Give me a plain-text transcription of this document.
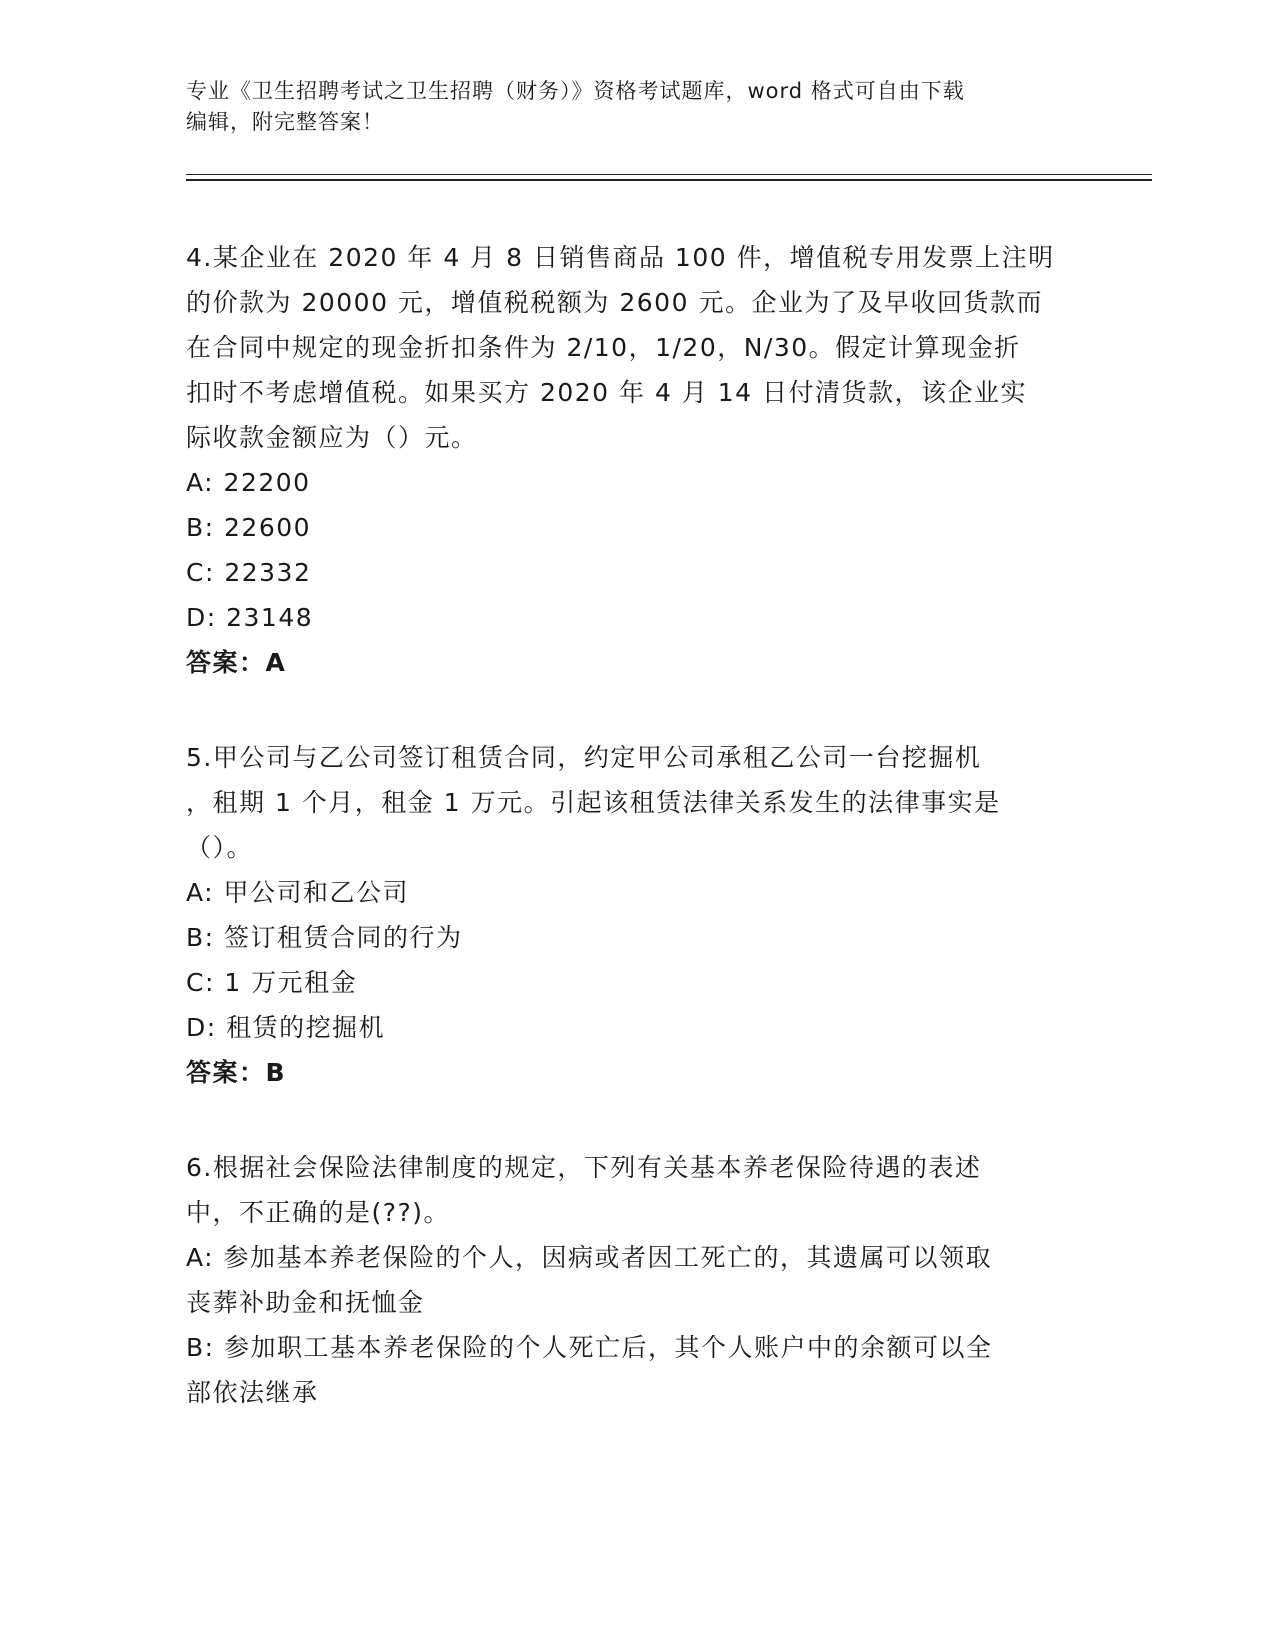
专业《卫生招聘考试之卫生招聘（财务）》资格考试题库，word 格式可自由下载
编辑，附完整答案！
4.某企业在 2020 年 4 月 8 日销售商品 100 件，增值税专用发票上注明
的价款为 20000 元，增值税税额为 2600 元。企业为了及早收回货款而
在合同中规定的现金折扣条件为 2/10，1/20，N/30。假定计算现金折
扣时不考虑增值税。如果买方 2020 年 4 月 14 日付清货款，该企业实
际收款金额应为（）元。
A: 22200
B: 22600
C: 22332
D: 23148
答案：A
5.甲公司与乙公司签订租赁合同，约定甲公司承租乙公司一台挖掘机
，租期 1 个月，租金 1 万元。引起该租赁法律关系发生的法律事实是
（）。
A: 甲公司和乙公司
B: 签订租赁合同的行为
C: 1 万元租金
D: 租赁的挖掘机
答案：B
6.根据社会保险法律制度的规定，下列有关基本养老保险待遇的表述
中，不正确的是(??)。
A: 参加基本养老保险的个人，因病或者因工死亡的，其遗属可以领取
丧葬补助金和抚恤金
B: 参加职工基本养老保险的个人死亡后，其个人账户中的余额可以全
部依法继承
